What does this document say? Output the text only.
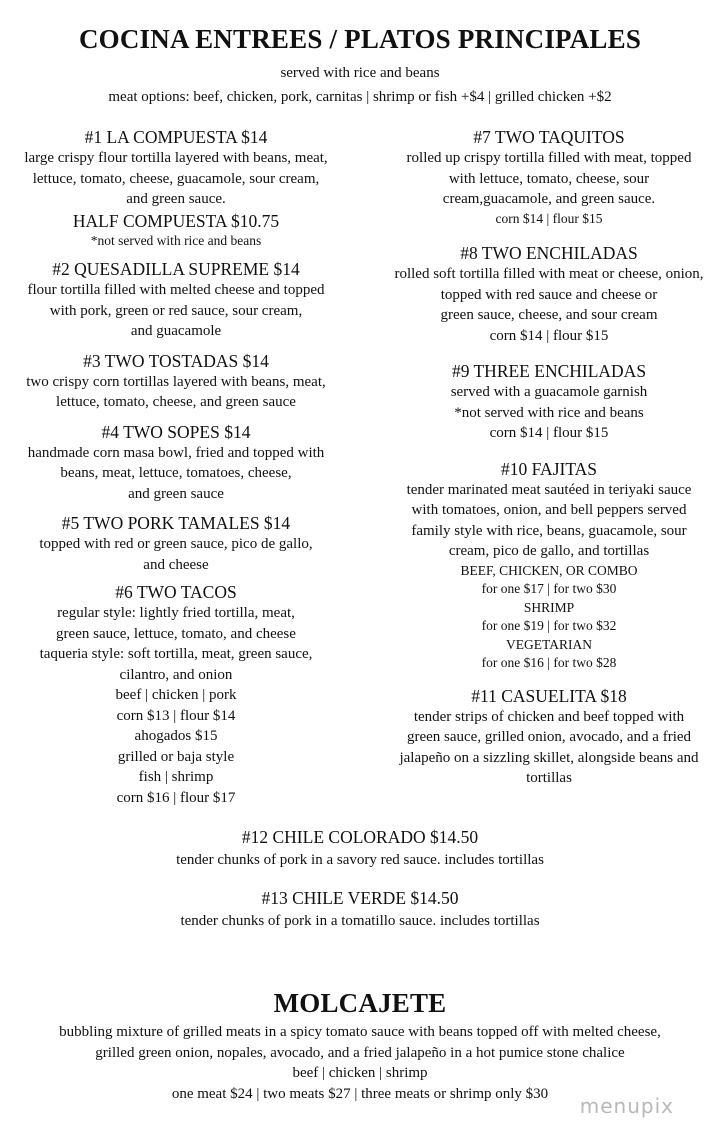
COCINA ENTREES / PLATOS PRINCIPALES
served with rice and beans
meat options: beef, chicken, pork, carnitas | shrimp or fish +$4 | grilled chicken +$2
#1 LA COMPUESTA $14
large crispy flour tortilla layered with beans, meat,
lettuce, tomato, cheese, guacamole, sour cream,
and green sauce.
HALF COMPUESTA $10.75
*not served with rice and beans
#2 QUESADILLA SUPREME $14
flour tortilla filled with melted cheese and topped
with pork, green or red sauce, sour cream,
and guacamole
#3 TWO TOSTADAS $14
two crispy corn tortillas layered with beans, meat,
lettuce, tomato, cheese, and green sauce
#4 TWO SOPES $14
handmade corn masa bowl, fried and topped with
beans, meat, lettuce, tomatoes, cheese,
and green sauce
#5 TWO PORK TAMALES $14
topped with red or green sauce, pico de gallo,
and cheese
#6 TWO TACOS
regular style: lightly fried tortilla, meat,
green sauce, lettuce, tomato, and cheese
taqueria style: soft tortilla, meat, green sauce,
cilantro, and onion
beef | chicken | pork
corn $13 | flour $14
ahogados $15
grilled or baja style
fish | shrimp
corn $16 | flour $17
#7 TWO TAQUITOS
rolled up crispy tortilla filled with meat, topped
with lettuce, tomato, cheese, sour
cream,guacamole, and green sauce.
corn $14 | flour $15
#8 TWO ENCHILADAS
rolled soft tortilla filled with meat or cheese, onion,
topped with red sauce and cheese or
green sauce, cheese, and sour cream
corn $14 | flour $15
#9 THREE ENCHILADAS
served with a guacamole garnish
*not served with rice and beans
corn $14 | flour $15
#10 FAJITAS
tender marinated meat sautéed in teriyaki sauce
with tomatoes, onion, and bell peppers served
family style with rice, beans, guacamole, sour
cream, pico de gallo, and tortillas
BEEF, CHICKEN, OR COMBO
for one $17 | for two $30
SHRIMP
for one $19 | for two $32
VEGETARIAN
for one $16 | for two $28
#11 CASUELITA $18
tender strips of chicken and beef topped with
green sauce, grilled onion, avocado, and a fried
jalapeño on a sizzling skillet, alongside beans and
tortillas
#12 CHILE COLORADO $14.50
tender chunks of pork in a savory red sauce. includes tortillas
#13 CHILE VERDE $14.50
tender chunks of pork in a tomatillo sauce. includes tortillas
MOLCAJETE
bubbling mixture of grilled meats in a spicy tomato sauce with beans topped off with melted cheese,
grilled green onion, nopales, avocado, and a fried jalapeño in a hot pumice stone chalice
beef | chicken | shrimp
one meat $24 | two meats $27 | three meats or shrimp only $30
menupix
